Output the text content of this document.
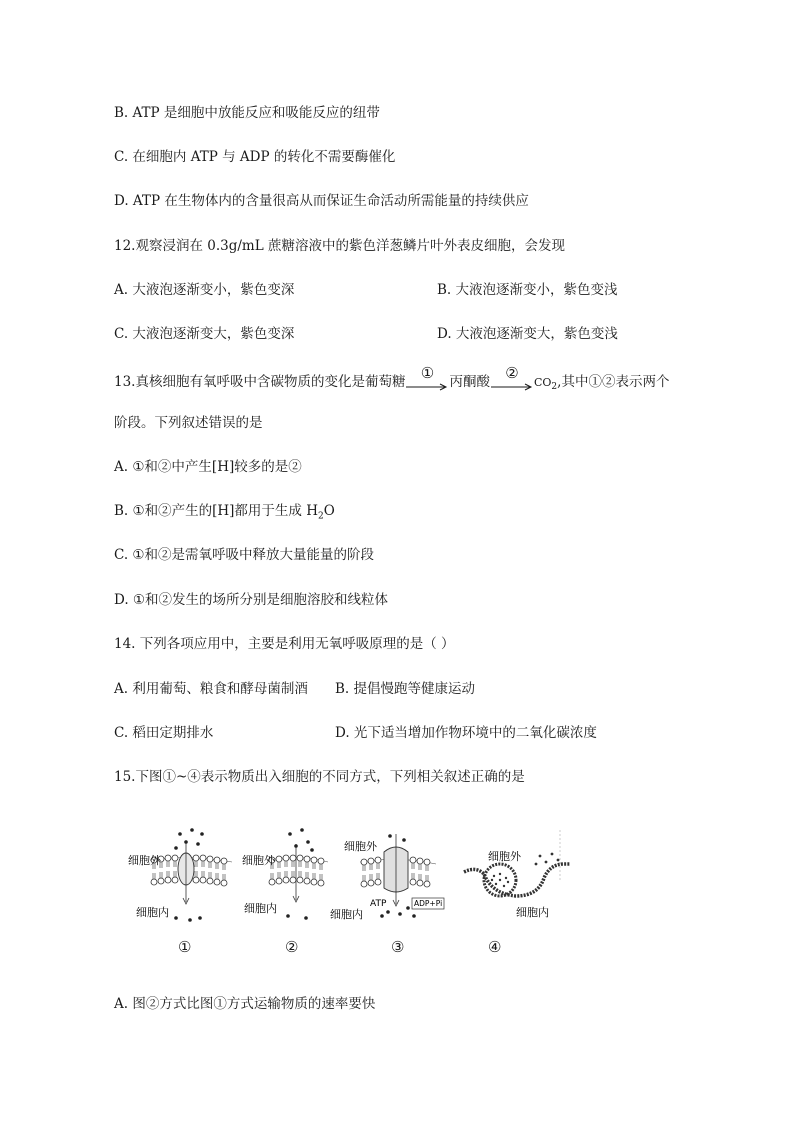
B. ATP 是细胞中放能反应和吸能反应的纽带
C. 在细胞内 ATP 与 ADP 的转化不需要酶催化
D. ATP 在生物体内的含量很高从而保证生命活动所需能量的持续供应
12.观察浸润在 0.3g/mL 蔗糖溶液中的紫色洋葱鳞片叶外表皮细胞，会发现
A. 大液泡逐渐变小，紫色变深	B. 大液泡逐渐变小，紫色变浅
C. 大液泡逐渐变大，紫色变深	D. 大液泡逐渐变大，紫色变浅
13.真核细胞有氧呼吸中含碳物质的变化是葡萄糖
①
丙酮酸
②
$CO_2$,其中①②表示两个
阶段。下列叙述错误的是
A. ①和②中产生[H]较多的是②
B. ①和②产生的[H]都用于生成 $H_2O$
C. ①和②是需氧呼吸中释放大量能量的阶段
D. ①和②发生的场所分别是细胞溶胶和线粒体
14. 下列各项应用中，主要是利用无氧呼吸原理的是（ ）
A. 利用葡萄、粮食和酵母菌制酒 B. 提倡慢跑等健康运动
C. 稻田定期排水	D. 光下适当增加作物环境中的二氧化碳浓度
15.下图①~④表示物质出入细胞的不同方式，下列相关叙述正确的是
细胞外
细胞内
细胞外
细胞内
细胞外
细胞内
ATP	ADP+Pi
细胞外
细胞内
①	②	③	④
A. 图②方式比图①方式运输物质的速率要快
